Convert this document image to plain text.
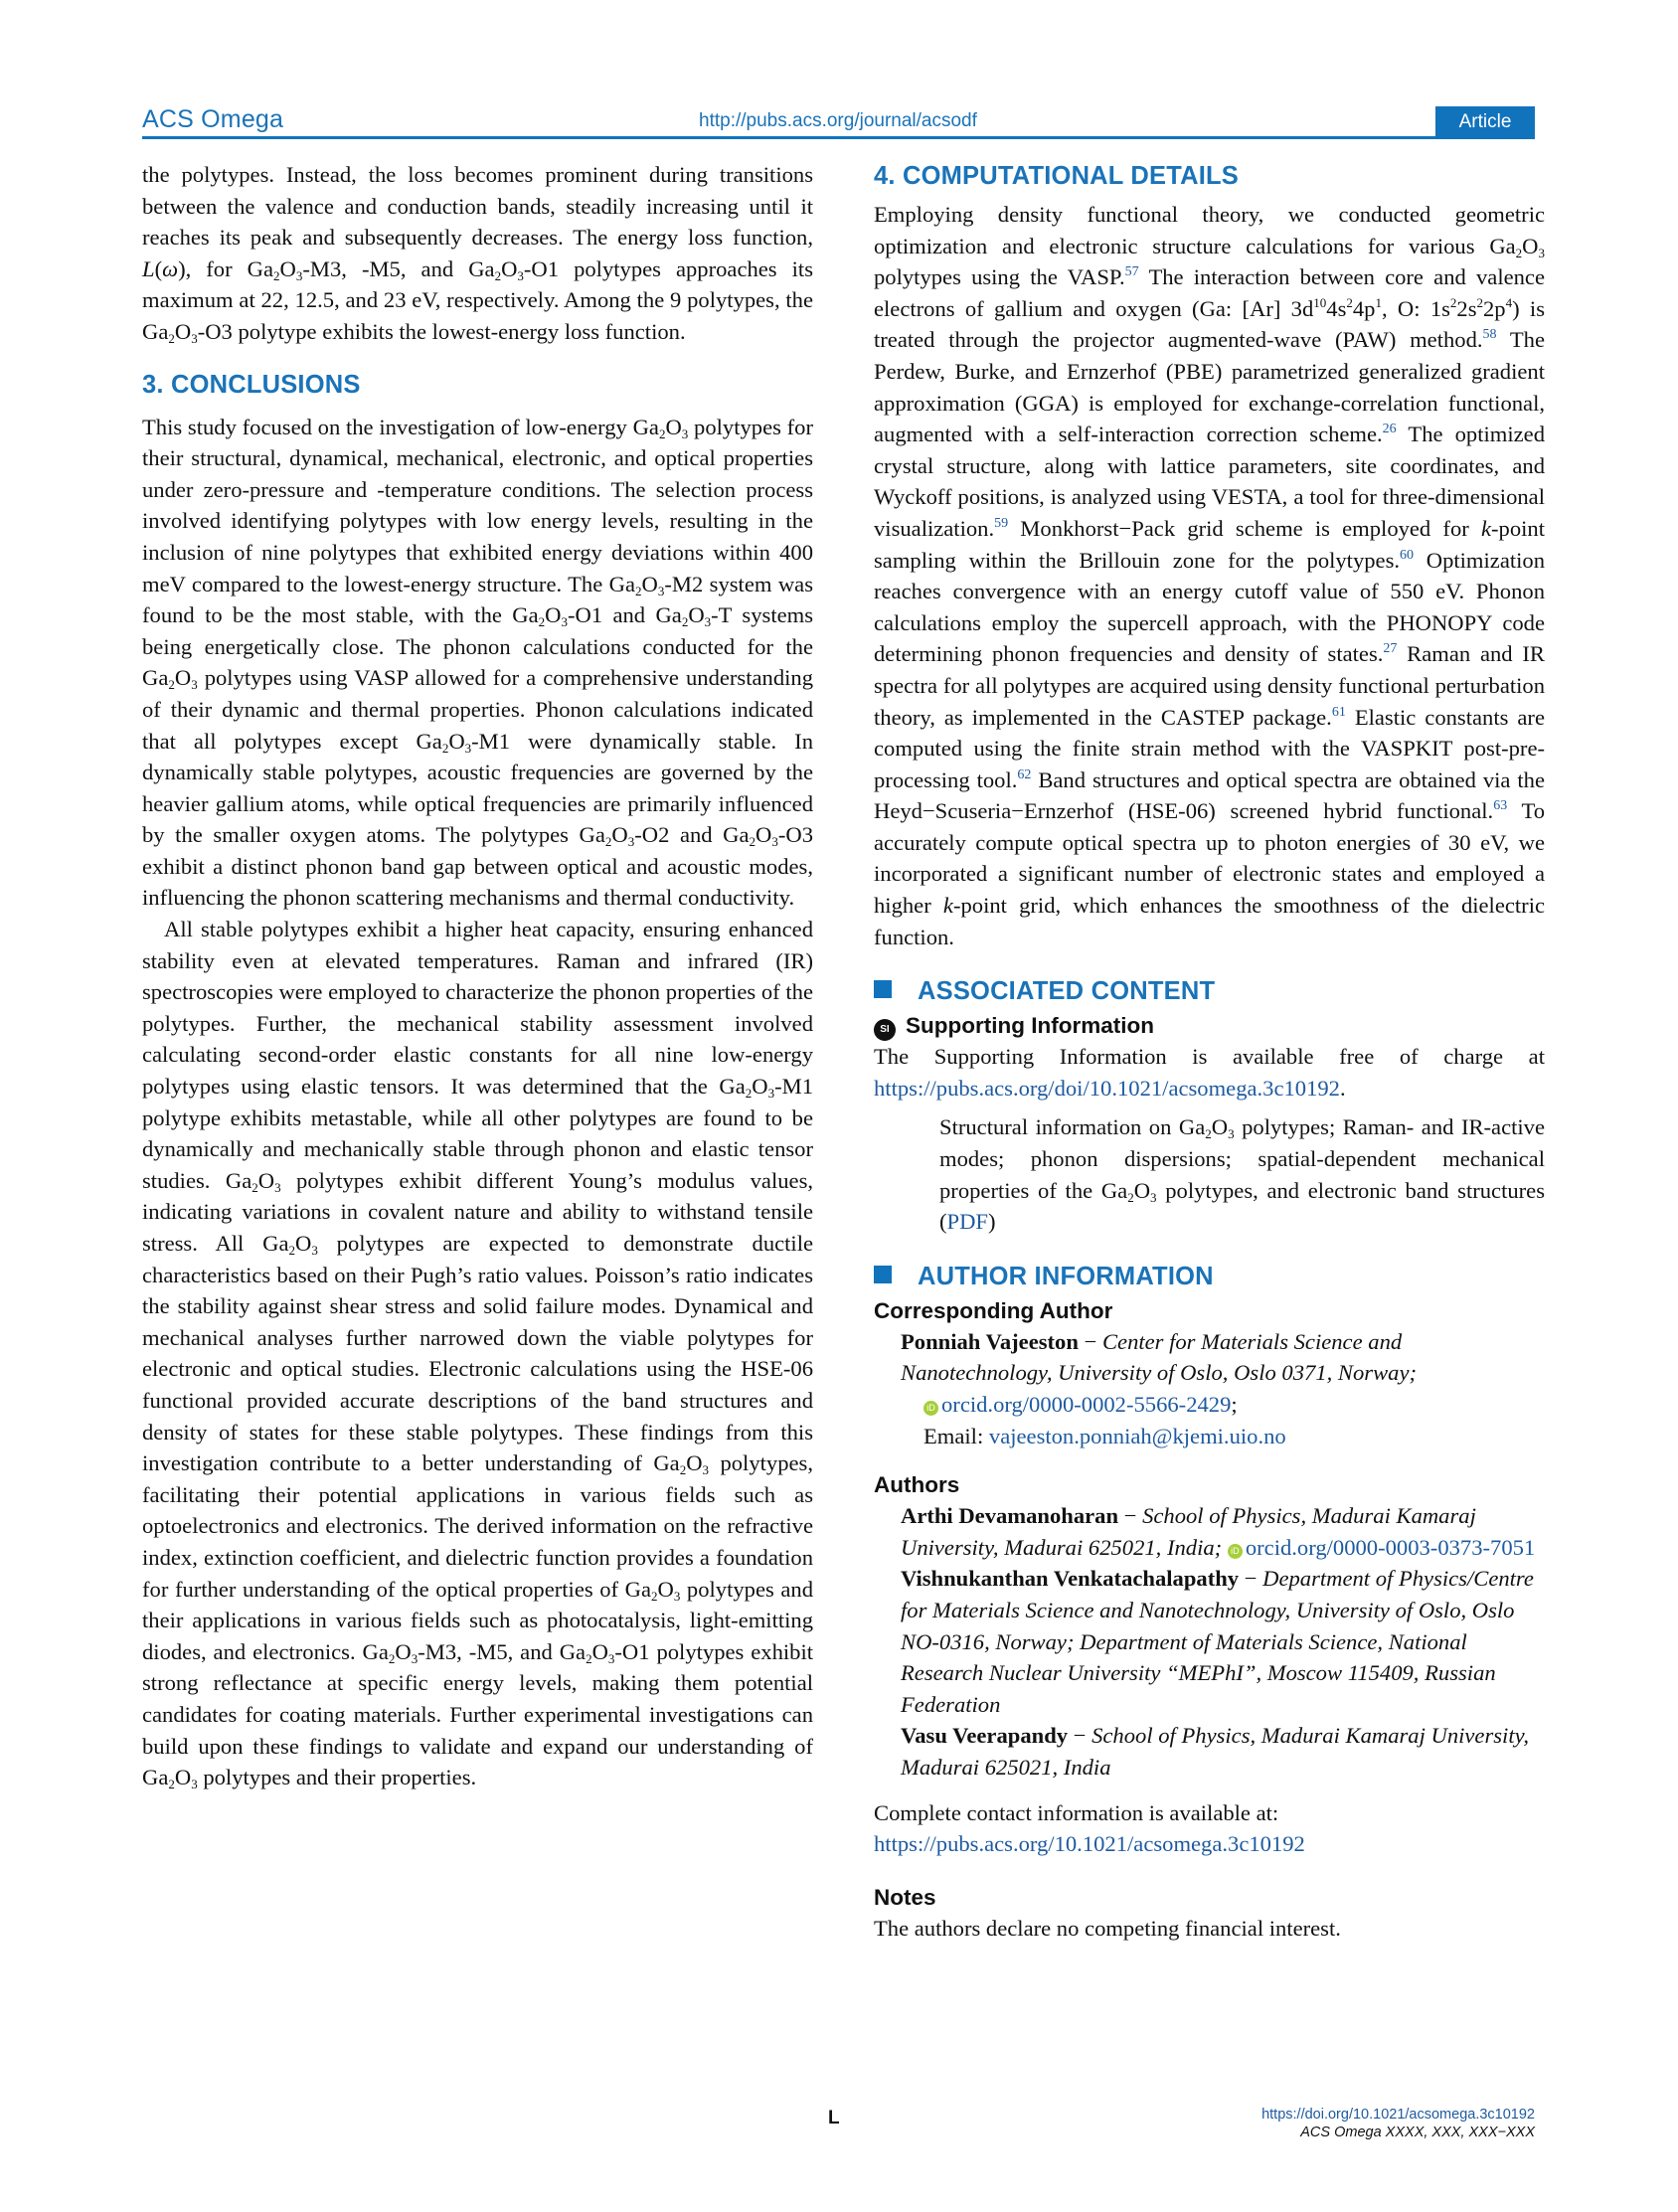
ACS Omega	http://pubs.acs.org/journal/acsodf	Article

the polytypes. Instead, the loss becomes prominent during transitions between the valence and conduction bands, steadily increasing until it reaches its peak and subsequently decreases. The energy loss function, L(ω), for $Ga_2O_3-M3$, -M5, and $Ga_2O_3-O1$ polytypes approaches its maximum at 22, 12.5, and 23 eV, respectively. Among the 9 polytypes, the $Ga_2O_3-O3$ polytype exhibits the lowest-energy loss function.

3. CONCLUSIONS

This study focused on the investigation of low-energy $Ga_2O_3$ polytypes for their structural, dynamical, mechanical, electronic, and optical properties under zero-pressure and -temperature conditions. The selection process involved identifying polytypes with low energy levels, resulting in the inclusion of nine polytypes that exhibited energy deviations within 400 meV compared to the lowest-energy structure. The $Ga_2O_3-M2$ system was found to be the most stable, with the $Ga_2O_3-O1$ and $Ga_2O_3-T$ systems being energetically close. The phonon calculations conducted for the $Ga_2O_3$ polytypes using VASP allowed for a comprehensive understanding of their dynamic and thermal properties. Phonon calculations indicated that all polytypes except $Ga_2O_3-M1$ were dynamically stable. In dynamically stable polytypes, acoustic frequencies are governed by the heavier gallium atoms, while optical frequencies are primarily influenced by the smaller oxygen atoms. The polytypes $Ga_2O_3-O2$ and $Ga_2O_3-O3$ exhibit a distinct phonon band gap between optical and acoustic modes, influencing the phonon scattering mechanisms and thermal conductivity.

All stable polytypes exhibit a higher heat capacity, ensuring enhanced stability even at elevated temperatures. Raman and infrared (IR) spectroscopies were employed to characterize the phonon properties of the polytypes. Further, the mechanical stability assessment involved calculating second-order elastic constants for all nine low-energy polytypes using elastic tensors. It was determined that the $Ga_2O_3-M1$ polytype exhibits metastable, while all other polytypes are found to be dynamically and mechanically stable through phonon and elastic tensor studies. $Ga_2O_3$ polytypes exhibit different Young’s modulus values, indicating variations in covalent nature and ability to withstand tensile stress. All $Ga_2O_3$ polytypes are expected to demonstrate ductile characteristics based on their Pugh’s ratio values. Poisson’s ratio indicates the stability against shear stress and solid failure modes. Dynamical and mechanical analyses further narrowed down the viable polytypes for electronic and optical studies. Electronic calculations using the HSE-06 functional provided accurate descriptions of the band structures and density of states for these stable polytypes. These findings from this investigation contribute to a better understanding of $Ga_2O_3$ polytypes, facilitating their potential applications in various fields such as optoelectronics and electronics. The derived information on the refractive index, extinction coefficient, and dielectric function provides a foundation for further understanding of the optical properties of $Ga_2O_3$ polytypes and their applications in various fields such as photocatalysis, light-emitting diodes, and electronics. $Ga_2O_3-M3$, -M5, and $Ga_2O_3-O1$ polytypes exhibit strong reflectance at specific energy levels, making them potential candidates for coating materials. Further experimental investigations can build upon these findings to validate and expand our understanding of $Ga_2O_3$ polytypes and their properties.

4. COMPUTATIONAL DETAILS

Employing density functional theory, we conducted geometric optimization and electronic structure calculations for various $Ga_2O_3$ polytypes using the VASP.$^{57}$ The interaction between core and valence electrons of gallium and oxygen (Ga: [Ar] $3d^{10}4s^24p^1$, O: $1s^22s^22p^4$) is treated through the projector augmented-wave (PAW) method.$^{58}$ The Perdew, Burke, and Ernzerhof (PBE) parametrized generalized gradient approximation (GGA) is employed for exchange-correlation functional, augmented with a self-interaction correction scheme.$^{26}$ The optimized crystal structure, along with lattice parameters, site coordinates, and Wyckoff positions, is analyzed using VESTA, a tool for three-dimensional visualization.$^{59}$ Monkhorst−Pack grid scheme is employed for k-point sampling within the Brillouin zone for the polytypes.$^{60}$ Optimization reaches convergence with an energy cutoff value of 550 eV. Phonon calculations employ the supercell approach, with the PHONOPY code determining phonon frequencies and density of states.$^{27}$ Raman and IR spectra for all polytypes are acquired using density functional perturbation theory, as implemented in the CASTEP package.$^{61}$ Elastic constants are computed using the finite strain method with the VASPKIT post-preprocessing tool.$^{62}$ Band structures and optical spectra are obtained via the Heyd−Scuseria−Ernzerhof (HSE-06) screened hybrid functional.$^{63}$ To accurately compute optical spectra up to photon energies of 30 eV, we incorporated a significant number of electronic states and employed a higher k-point grid, which enhances the smoothness of the dielectric function.

ASSOCIATED CONTENT
SI Supporting Information

The Supporting Information is available free of charge at https://pubs.acs.org/doi/10.1021/acsomega.3c10192.

Structural information on $Ga_2O_3$ polytypes; Raman- and IR-active modes; phonon dispersions; spatial-dependent mechanical properties of the $Ga_2O_3$ polytypes, and electronic band structures (PDF)

AUTHOR INFORMATION
Corresponding Author

Ponniah Vajeeston − Center for Materials Science and Nanotechnology, University of Oslo, Oslo 0371, Norway;
iD orcid.org/0000-0002-5566-2429;
Email: vajeeston.ponniah@kjemi.uio.no

Authors

Arthi Devamanoharan − School of Physics, Madurai Kamaraj University, Madurai 625021, India; iD orcid.org/0000-0003-0373-7051

Vishnukanthan Venkatachalapathy − Department of Physics/Centre for Materials Science and Nanotechnology, University of Oslo, Oslo NO-0316, Norway; Department of Materials Science, National Research Nuclear University “MEPhI”, Moscow 115409, Russian Federation

Vasu Veerapandy − School of Physics, Madurai Kamaraj University, Madurai 625021, India

Complete contact information is available at:
https://pubs.acs.org/10.1021/acsomega.3c10192

Notes

The authors declare no competing financial interest.

L	https://doi.org/10.1021/acsomega.3c10192
ACS Omega XXXX, XXX, XXX−XXX
